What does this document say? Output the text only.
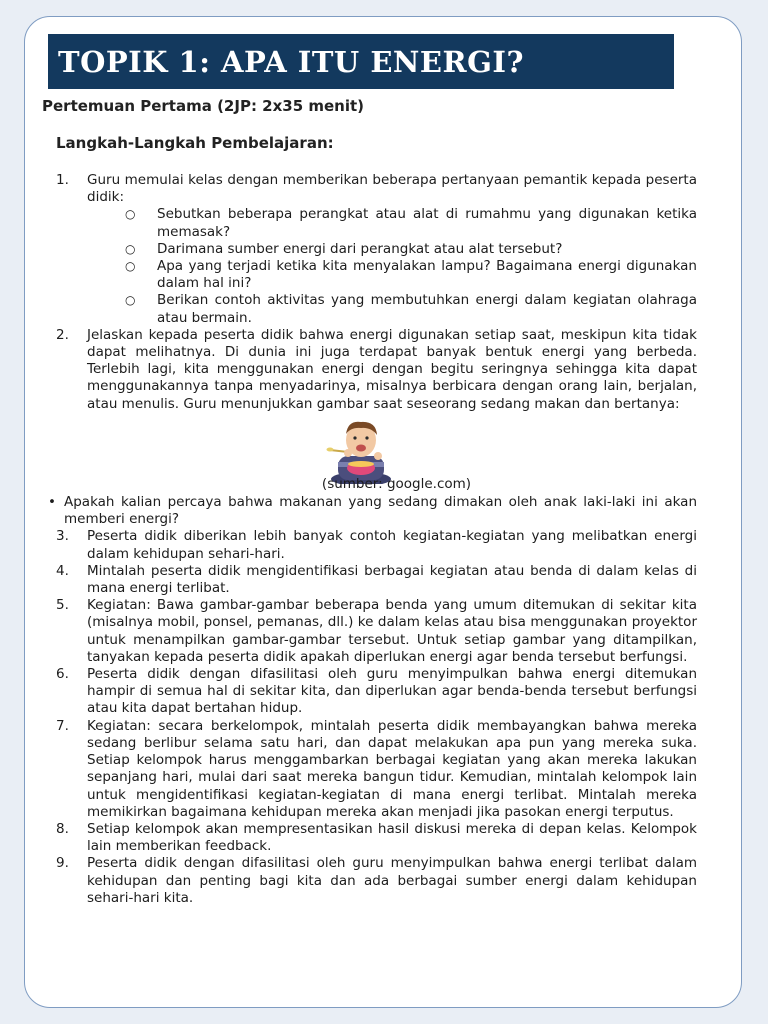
TOPIK 1: APA ITU ENERGI?
Pertemuan Pertama (2JP: 2x35 menit)
Langkah-Langkah Pembelajaran:
1. Guru memulai kelas dengan memberikan beberapa pertanyaan pemantik kepada peserta didik:
○ Sebutkan beberapa perangkat atau alat di rumahmu yang digunakan ketika memasak?
○ Darimana sumber energi dari perangkat atau alat tersebut?
○ Apa yang terjadi ketika kita menyalakan lampu? Bagaimana energi digunakan dalam hal ini?
○ Berikan contoh aktivitas yang membutuhkan energi dalam kegiatan olahraga atau bermain.
2. Jelaskan kepada peserta didik bahwa energi digunakan setiap saat, meskipun kita tidak dapat melihatnya. Di dunia ini juga terdapat banyak bentuk energi yang berbeda. Terlebih lagi, kita menggunakan energi dengan begitu seringnya sehingga kita dapat menggunakannya tanpa menyadarinya, misalnya berbicara dengan orang lain, berjalan, atau menulis. Guru menunjukkan gambar saat seseorang sedang makan dan bertanya:
(sumber: google.com)
• Apakah kalian percaya bahwa makanan yang sedang dimakan oleh anak laki-laki ini akan memberi energi?
3. Peserta didik diberikan lebih banyak contoh kegiatan-kegiatan yang melibatkan energi dalam kehidupan sehari-hari.
4. Mintalah peserta didik mengidentifikasi berbagai kegiatan atau benda di dalam kelas di mana energi terlibat.
5. Kegiatan: Bawa gambar-gambar beberapa benda yang umum ditemukan di sekitar kita (misalnya mobil, ponsel, pemanas, dll.) ke dalam kelas atau bisa menggunakan proyektor untuk menampilkan gambar-gambar tersebut. Untuk setiap gambar yang ditampilkan, tanyakan kepada peserta didik apakah diperlukan energi agar benda tersebut berfungsi.
6. Peserta didik dengan difasilitasi oleh guru menyimpulkan bahwa energi ditemukan hampir di semua hal di sekitar kita, dan diperlukan agar benda-benda tersebut berfungsi atau kita dapat bertahan hidup.
7. Kegiatan: secara berkelompok, mintalah peserta didik membayangkan bahwa mereka sedang berlibur selama satu hari, dan dapat melakukan apa pun yang mereka suka. Setiap kelompok harus menggambarkan berbagai kegiatan yang akan mereka lakukan sepanjang hari, mulai dari saat mereka bangun tidur. Kemudian, mintalah kelompok lain untuk mengidentifikasi kegiatan-kegiatan di mana energi terlibat. Mintalah mereka memikirkan bagaimana kehidupan mereka akan menjadi jika pasokan energi terputus.
8. Setiap kelompok akan mempresentasikan hasil diskusi mereka di depan kelas. Kelompok lain memberikan feedback.
9. Peserta didik dengan difasilitasi oleh guru menyimpulkan bahwa energi terlibat dalam kehidupan dan penting bagi kita dan ada berbagai sumber energi dalam kehidupan sehari-hari kita.
